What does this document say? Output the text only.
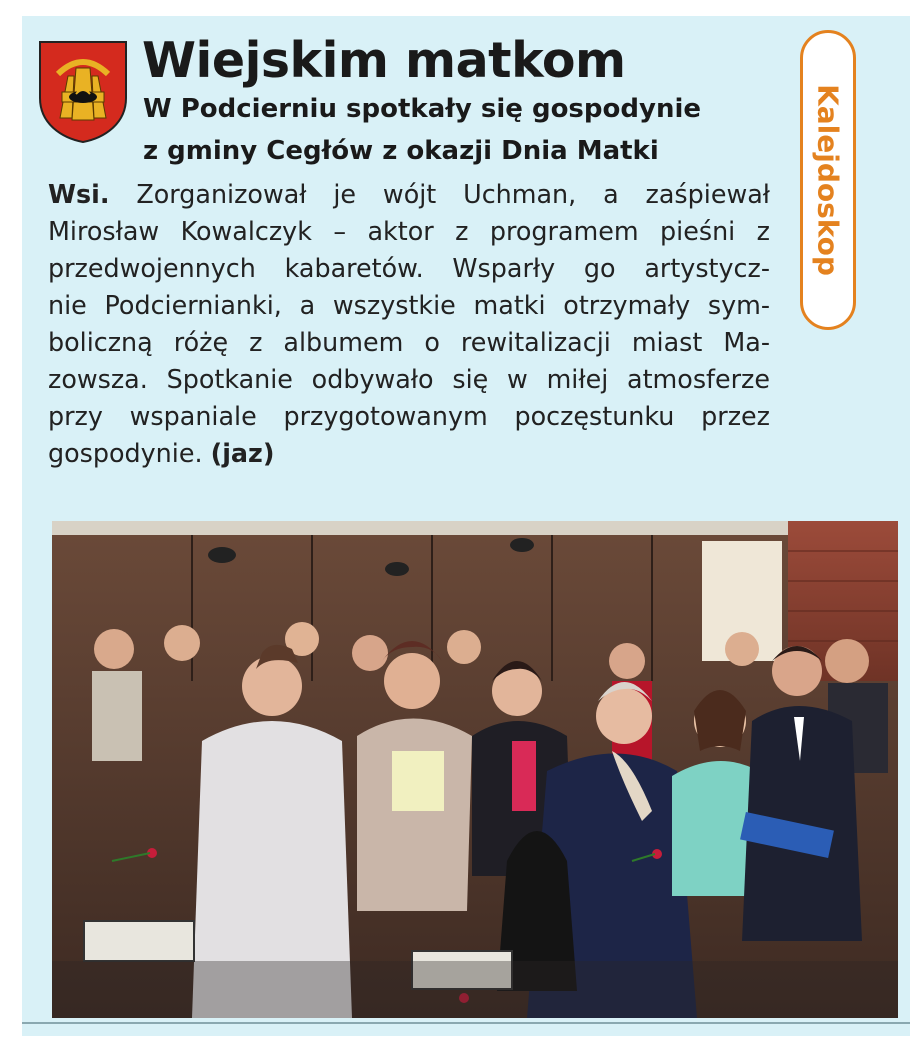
Wiejskim matkom
W Podcierniu spotkały się gospodynie
z gminy Cegłów z okazji Dnia Matki
Wsi. Zorganizował je wójt Uchman, a zaśpiewał
Mirosław Kowalczyk – aktor z programem pieśni z
przedwojennych kabaretów. Wsparły go artystycz-
nie Podciernianki, a wszystkie matki otrzymały sym-
boliczną różę z albumem o rewitalizacji miast Ma-
zowsza. Spotkanie odbywało się w miłej atmosferze
przy wspaniale przygotowanym poczęstunku przez
gospodynie. (jaz)
Kalejdoskop
